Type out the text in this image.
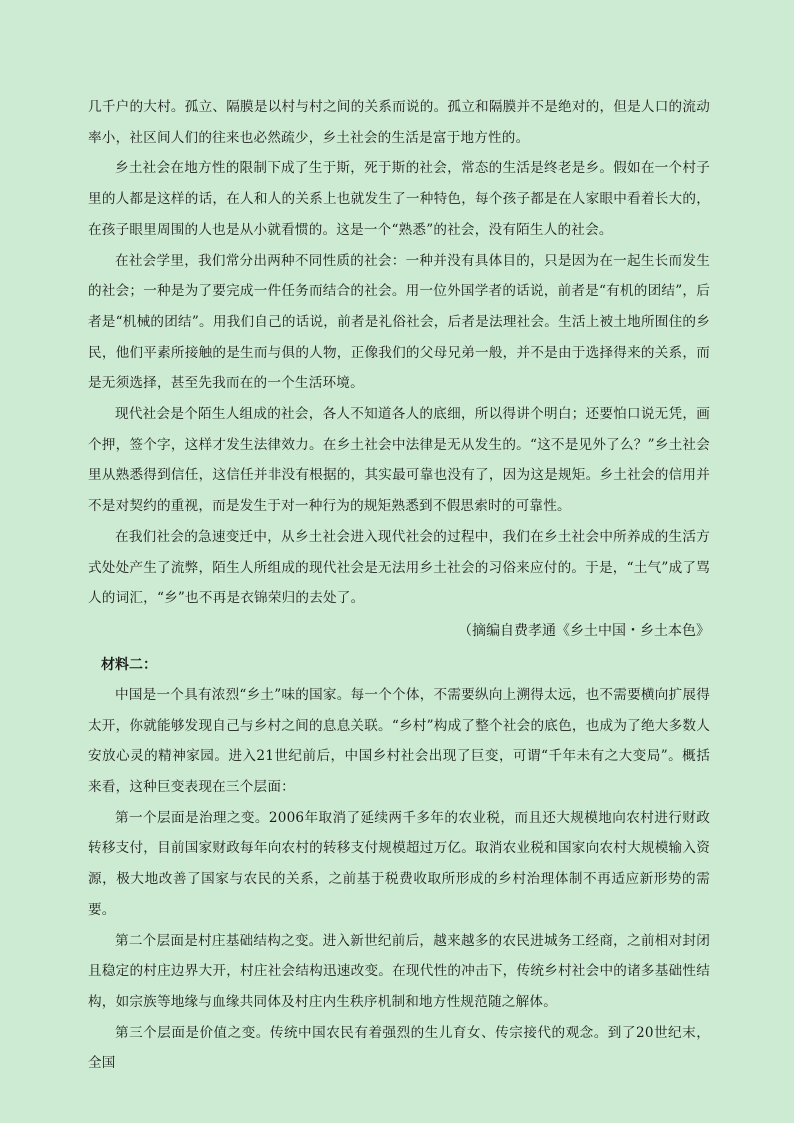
几千户的大村。孤立、隔膜是以村与村之间的关系而说的。孤立和隔膜并不是绝对的，但是人口的流动率小，社区间人们的往来也必然疏少，乡土社会的生活是富于地方性的。

乡土社会在地方性的限制下成了生于斯，死于斯的社会，常态的生活是终老是乡。假如在一个村子里的人都是这样的话，在人和人的关系上也就发生了一种特色，每个孩子都是在人家眼中看着长大的，在孩子眼里周围的人也是从小就看惯的。这是一个“熟悉”的社会，没有陌生人的社会。

在社会学里，我们常分出两种不同性质的社会：一种并没有具体目的，只是因为在一起生长而发生的社会；一种是为了要完成一件任务而结合的社会。用一位外国学者的话说，前者是“有机的团结”，后者是“机械的团结”。用我们自己的话说，前者是礼俗社会，后者是法理社会。生活上被土地所囿住的乡民，他们平素所接触的是生而与俱的人物，正像我们的父母兄弟一般，并不是由于选择得来的关系，而是无须选择，甚至先我而在的一个生活环境。

现代社会是个陌生人组成的社会，各人不知道各人的底细，所以得讲个明白；还要怕口说无凭，画个押，签个字，这样才发生法律效力。在乡土社会中法律是无从发生的。“这不是见外了么？”乡土社会里从熟悉得到信任，这信任并非没有根据的，其实最可靠也没有了，因为这是规矩。乡土社会的信用并不是对契约的重视，而是发生于对一种行为的规矩熟悉到不假思索时的可靠性。

在我们社会的急速变迁中，从乡土社会进入现代社会的过程中，我们在乡土社会中所养成的生活方式处处产生了流弊，陌生人所组成的现代社会是无法用乡土社会的习俗来应付的。于是，“土气”成了骂人的词汇，“乡”也不再是衣锦荣归的去处了。

（摘编自费孝通《乡土中国・乡土本色》

材料二：

中国是一个具有浓烈“乡土”味的国家。每一个个体，不需要纵向上溯得太远，也不需要横向扩展得太开，你就能够发现自己与乡村之间的息息关联。“乡村”构成了整个社会的底色，也成为了绝大多数人安放心灵的精神家园。进入21世纪前后，中国乡村社会出现了巨变，可谓“千年未有之大变局”。概括来看，这种巨变表现在三个层面：

第一个层面是治理之变。2006年取消了延续两千多年的农业税，而且还大规模地向农村进行财政转移支付，目前国家财政每年向农村的转移支付规模超过万亿。取消农业税和国家向农村大规模输入资源，极大地改善了国家与农民的关系，之前基于税费收取所形成的乡村治理体制不再适应新形势的需要。

第二个层面是村庄基础结构之变。进入新世纪前后，越来越多的农民进城务工经商，之前相对封闭且稳定的村庄边界大开，村庄社会结构迅速改变。在现代性的冲击下，传统乡村社会中的诸多基础性结构，如宗族等地缘与血缘共同体及村庄内生秩序机制和地方性规范随之解体。

第三个层面是价值之变。传统中国农民有着强烈的生儿育女、传宗接代的观念。到了20世纪末，全国
